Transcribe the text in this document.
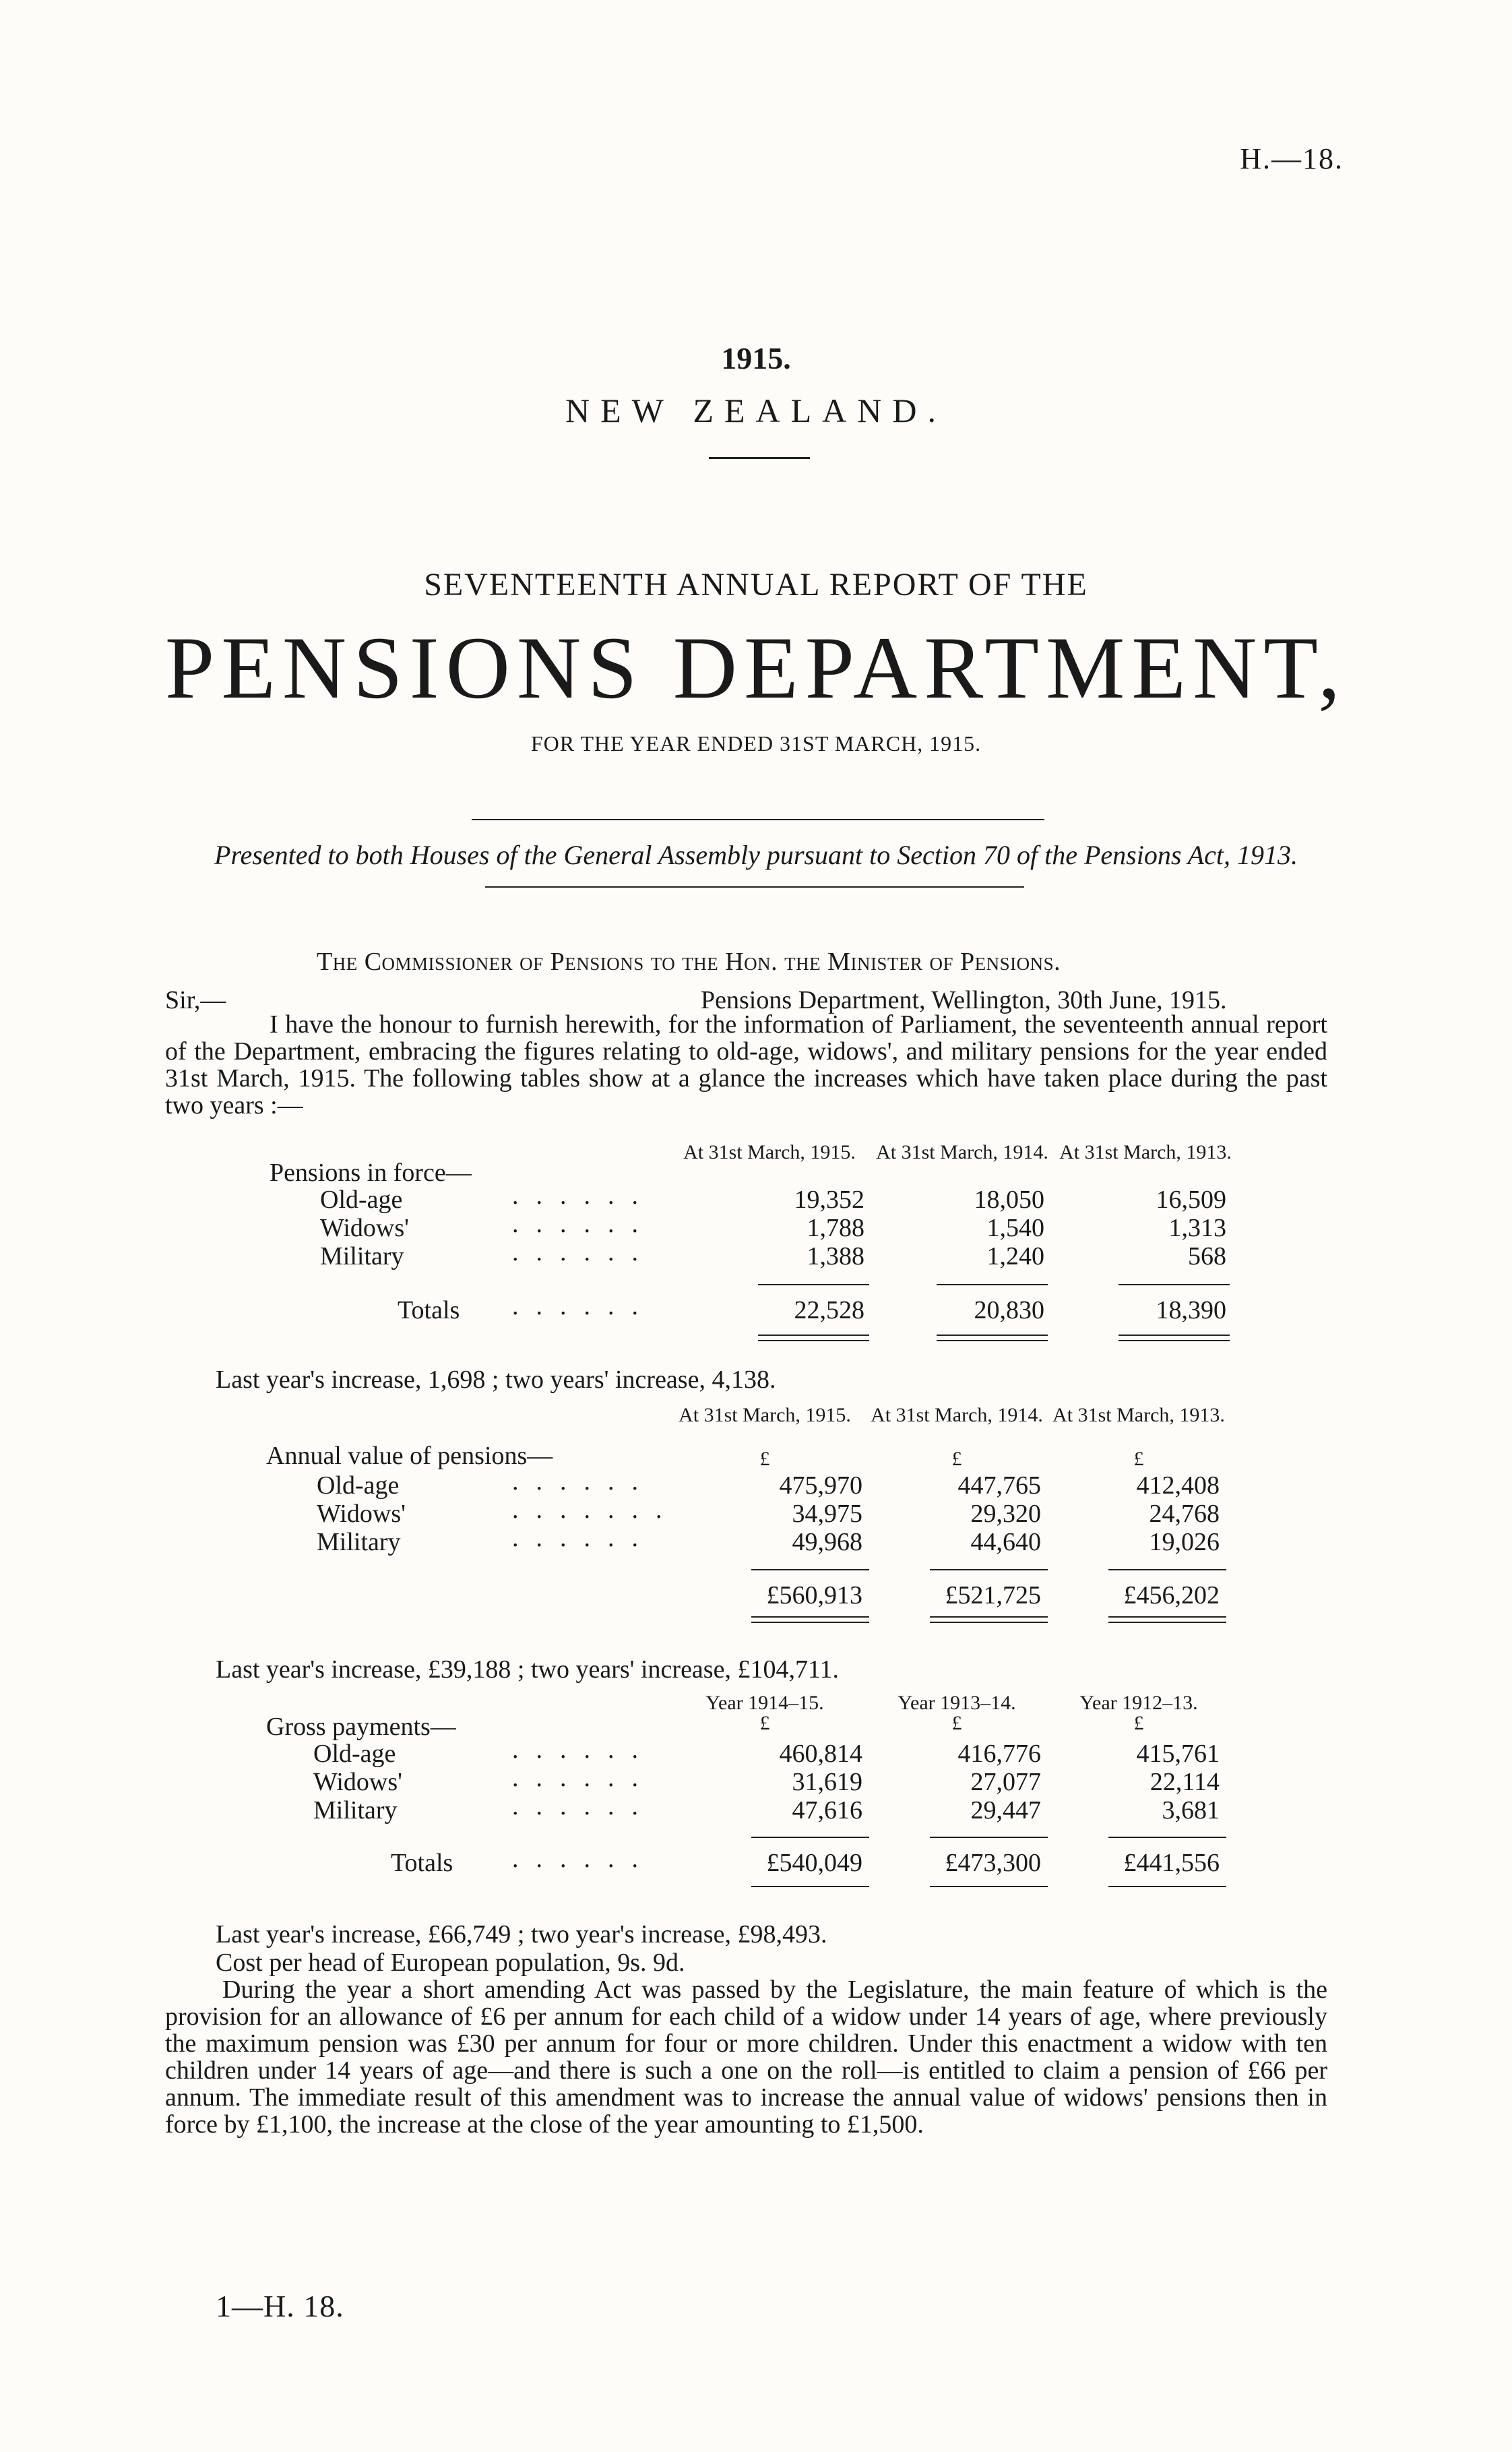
H.—18.
1915.
NEW ZEALAND.
SEVENTEENTH ANNUAL REPORT OF THE
PENSIONS DEPARTMENT,
FOR THE YEAR ENDED 31ST MARCH, 1915.
Presented to both Houses of the General Assembly pursuant to Section 70 of the Pensions Act, 1913.
The Commissioner of Pensions to the Hon. the Minister of Pensions.
Sir,—	Pensions Department, Wellington, 30th June, 1915.
I have the honour to furnish herewith, for the information of Parliament, the seventeenth annual report of the Department, embracing the figures relating to old-age, widows', and military pensions for the year ended 31st March, 1915. The following tables show at a glance the increases which have taken place during the past two years :—
At 31st March, 1915. At 31st March, 1914. At 31st March, 1913.
Pensions in force—
Old-age	......	19,352	18,050	16,509
Widows'	......	1,788	1,540	1,313
Military	......	1,388	1,240	568
Totals ......	22,528	20,830	18,390
Last year's increase, 1,698 ; two years' increase, 4,138.
At 31st March, 1915. At 31st March, 1914. At 31st March, 1913.
£	£	£
Annual value of pensions—
Old-age	......	475,970	447,765	412,408
Widows'	.......	34,975	29,320	24,768
Military	......	49,968	44,640	19,026
£560,913	£521,725	£456,202
Last year's increase, £39,188 ; two years' increase, £104,711.
Year 1914–15.	Year 1913–14.	Year 1912–13.
£	£	£
Gross payments—
Old-age	......	460,814	416,776	415,761
Widows'	......	31,619	27,077	22,114
Military	......	47,616	29,447	3,681
Totals ......	£540,049	£473,300	£441,556
Last year's increase, £66,749 ; two year's increase, £98,493.
Cost per head of European population, 9s. 9d.
During the year a short amending Act was passed by the Legislature, the main feature of which is the provision for an allowance of £6 per annum for each child of a widow under 14 years of age, where previously the maximum pension was £30 per annum for four or more children. Under this enactment a widow with ten children under 14 years of age—and there is such a one on the roll—is entitled to claim a pension of £66 per annum. The immediate result of this amendment was to increase the annual value of widows' pensions then in force by £1,100, the increase at the close of the year amounting to £1,500.
1—H. 18.
